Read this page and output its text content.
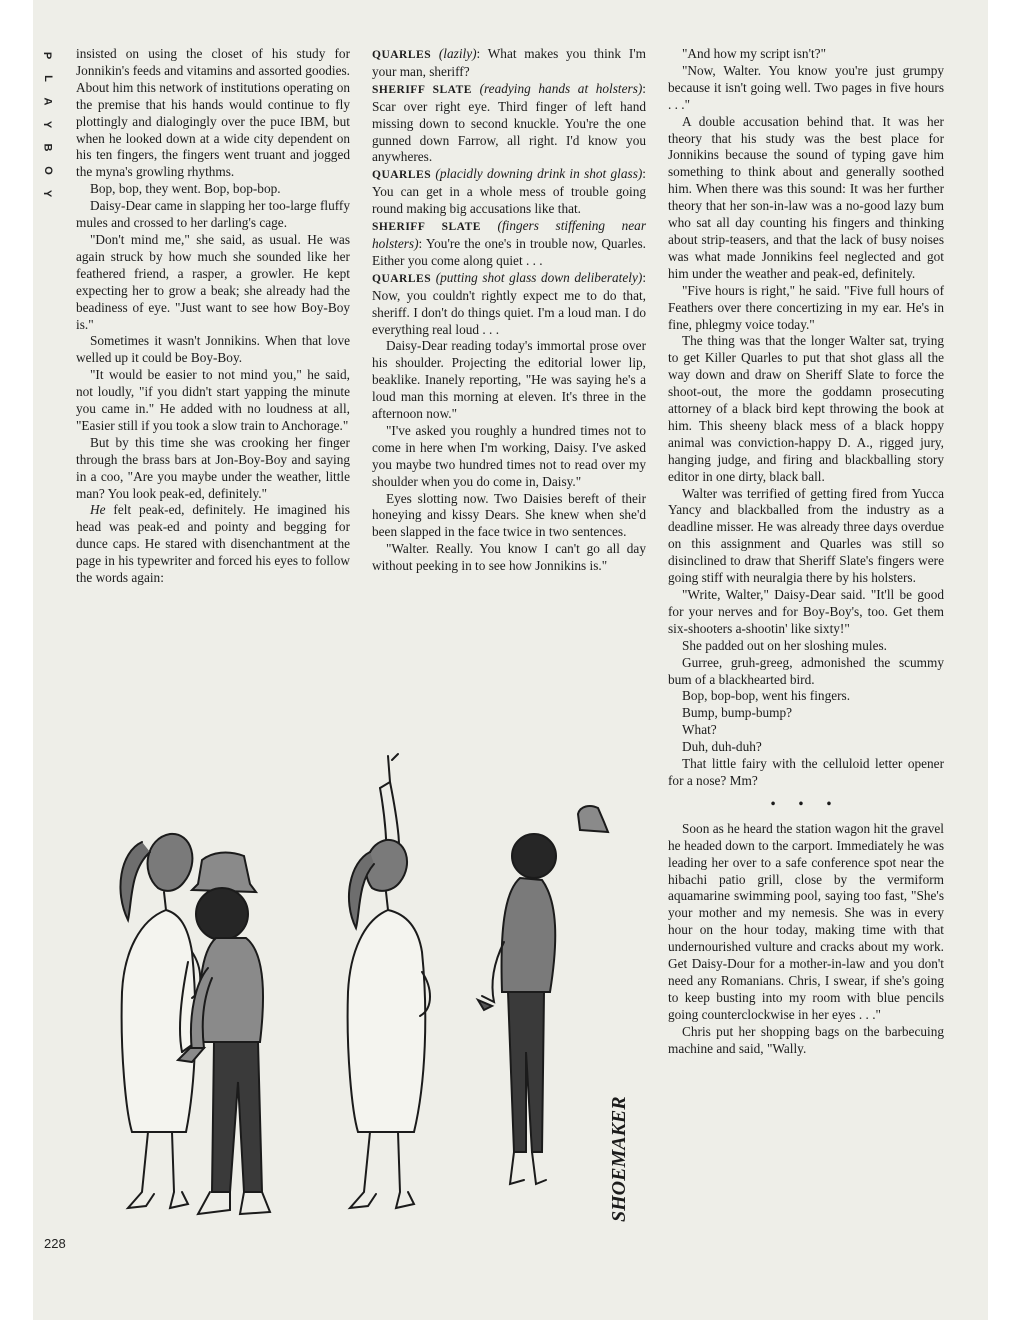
P
L
A
Y
B
O
Y

insisted on using the closet of his study for Jonnikin's feeds and vitamins and assorted goodies. About him this network of institutions operating on the premise that his hands would continue to fly plottingly and dialogingly over the puce IBM, but when he looked down at a wide city dependent on his ten fingers, the fingers went truant and jogged the myna's growling rhythms.

Bop, bop, they went. Bop, bop-bop.

Daisy-Dear came in slapping her too-large fluffy mules and crossed to her darling's cage.

"Don't mind me," she said, as usual. He was again struck by how much she sounded like her feathered friend, a rasper, a growler. He kept expecting her to grow a beak; she already had the beadiness of eye. "Just want to see how Boy-Boy is."

Sometimes it wasn't Jonnikins. When that love welled up it could be Boy-Boy.

"It would be easier to not mind you," he said, not loudly, "if you didn't start yapping the minute you came in." He added with no loudness at all, "Easier still if you took a slow train to Anchorage."

But by this time she was crooking her finger through the brass bars at Jon-Boy-Boy and saying in a coo, "Are you maybe under the weather, little man? You look peak-ed, definitely."

He felt peak-ed, definitely. He imagined his head was peak-ed and pointy and begging for dunce caps. He stared with disenchantment at the page in his typewriter and forced his eyes to follow the words again:

QUARLES (lazily): What makes you think I'm your man, sheriff?

SHERIFF SLATE (readying hands at holsters): Scar over right eye. Third finger of left hand missing down to second knuckle. You're the one gunned down Farrow, all right. I'd know you anywheres.

QUARLES (placidly downing drink in shot glass): You can get in a whole mess of trouble going round making big accusations like that.

SHERIFF SLATE (fingers stiffening near holsters): You're the one's in trouble now, Quarles. Either you come along quiet . . .

QUARLES (putting shot glass down deliberately): Now, you couldn't rightly expect me to do that, sheriff. I don't do things quiet. I'm a loud man. I do everything real loud . . .

Daisy-Dear reading today's immortal prose over his shoulder. Projecting the editorial lower lip, beaklike. Inanely reporting, "He was saying he's a loud man this morning at eleven. It's three in the afternoon now."

"I've asked you roughly a hundred times not to come in here when I'm working, Daisy. I've asked you maybe two hundred times not to read over my shoulder when you do come in, Daisy."

Eyes slotting now. Two Daisies bereft of their honeying and kissy Dears. She knew when she'd been slapped in the face twice in two sentences.

"Walter. Really. You know I can't go all day without peeking in to see how Jonnikins is."

"And how my script isn't?"

"Now, Walter. You know you're just grumpy because it isn't going well. Two pages in five hours . . ."

A double accusation behind that. It was her theory that his study was the best place for Jonnikins because the sound of typing gave him something to think about and generally soothed him. When there was this sound: It was her further theory that her son-in-law was a no-good lazy bum who sat all day counting his fingers and thinking about strip-teasers, and that the lack of busy noises was what made Jonnikins feel neglected and got him under the weather and peak-ed, definitely.

"Five hours is right," he said. "Five full hours of Feathers over there concertizing in my ear. He's in fine, phlegmy voice today."

The thing was that the longer Walter sat, trying to get Killer Quarles to put that shot glass all the way down and draw on Sheriff Slate to force the shoot-out, the more the goddamn prosecuting attorney of a black bird kept throwing the book at him. This sheeny black mess of a black hoppy animal was conviction-happy D. A., rigged jury, hanging judge, and firing and blackballing story editor in one dirty, black ball.

Walter was terrified of getting fired from Yucca Yancy and blackballed from the industry as a deadline misser. He was already three days overdue on this assignment and Quarles was still so disinclined to draw that Sheriff Slate's fingers were going stiff with neuralgia there by his holsters.

"Write, Walter," Daisy-Dear said. "It'll be good for your nerves and for Boy-Boy's, too. Get them six-shooters a-shootin' like sixty!"

She padded out on her sloshing mules.

Gurree, gruh-greeg, admonished the scummy bum of a blackhearted bird.

Bop, bop-bop, went his fingers.

Bump, bump-bump?

What?

Duh, duh-duh?

That little fairy with the celluloid letter opener for a nose? Mm?

• • •

Soon as he heard the station wagon hit the gravel he headed down to the carport. Immediately he was leading her over to a safe conference spot near the hibachi patio grill, close by the vermiform aquamarine swimming pool, saying too fast, "She's your mother and my nemesis. She was in every hour on the hour today, making time with that undernourished vulture and cracks about my work. Get Daisy-Dour for a mother-in-law and you don't need any Romanians. Chris, I swear, if she's going to keep busting into my room with blue pencils going counterclockwise in her eyes . . ."

Chris put her shopping bags on the barbecuing machine and said, "Wally.

SHOEMAKER
228
